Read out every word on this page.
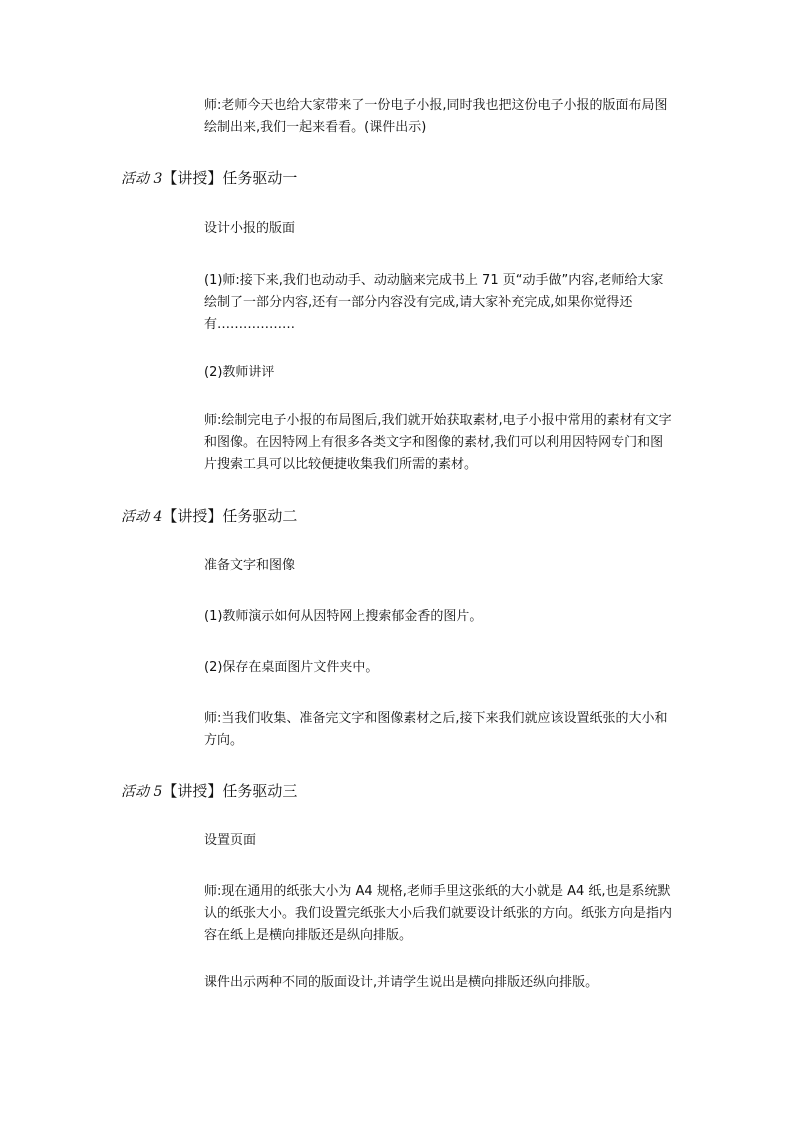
师:老师今天也给大家带来了一份电子小报,同时我也把这份电子小报的版面布局图绘制出来,我们一起来看看。(课件出示)

活动 3【讲授】任务驱动一

设计小报的版面

(1)师:接下来,我们也动动手、动动脑来完成书上 71 页“动手做”内容,老师给大家绘制了一部分内容,还有一部分内容没有完成,请大家补充完成,如果你觉得还有………………

(2)教师讲评

师:绘制完电子小报的布局图后,我们就开始获取素材,电子小报中常用的素材有文字和图像。在因特网上有很多各类文字和图像的素材,我们可以利用因特网专门和图片搜索工具可以比较便捷收集我们所需的素材。

活动 4【讲授】任务驱动二

准备文字和图像

(1)教师演示如何从因特网上搜索郁金香的图片。

(2)保存在桌面图片文件夹中。

师:当我们收集、准备完文字和图像素材之后,接下来我们就应该设置纸张的大小和方向。

活动 5【讲授】任务驱动三

设置页面

师:现在通用的纸张大小为 A4 规格,老师手里这张纸的大小就是 A4 纸,也是系统默认的纸张大小。我们设置完纸张大小后我们就要设计纸张的方向。纸张方向是指内容在纸上是横向排版还是纵向排版。

课件出示两种不同的版面设计,并请学生说出是横向排版还纵向排版。
